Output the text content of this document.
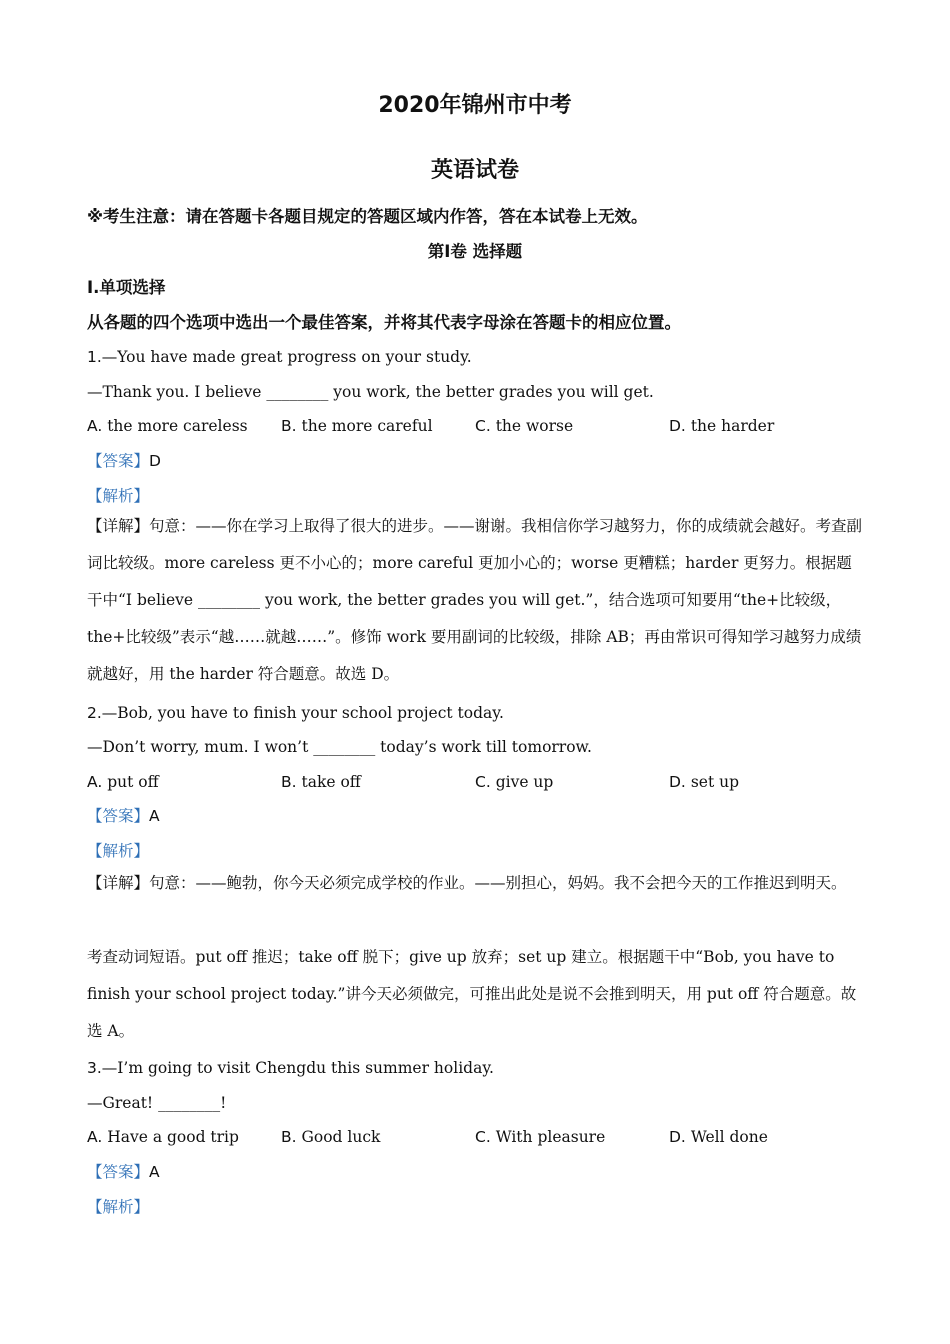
2020年锦州市中考
英语试卷
※考生注意：请在答题卡各题目规定的答题区域内作答，答在本试卷上无效。
第Ⅰ卷 选择题
Ⅰ.单项选择
从各题的四个选项中选出一个最佳答案，并将其代表字母涂在答题卡的相应位置。
1.—You have made great progress on your study.
—Thank you. I believe ________ you work, the better grades you will get.
A. the more careless B. the more careful	C. the worse	D. the harder
【答案】D
【解析】
【详解】句意：——你在学习上取得了很大的进步。——谢谢。我相信你学习越努力，你的成绩就会越好。考查副词比较级。more careless 更不小心的；more careful 更加小心的；worse 更糟糕；harder 更努力。根据题干中“I believe ________ you work, the better grades you will get.”，结合选项可知要用“the+比较级，the+比较级”表示“越……就越……”。修饰 work 要用副词的比较级，排除 AB；再由常识可得知学习越努力成绩就越好，用 the harder 符合题意。故选 D。
2.—Bob, you have to finish your school project today.
—Don’t worry, mum. I won’t ________ today’s work till tomorrow.
A. put off	B. take off	C. give up	D. set up
【答案】A
【解析】
【详解】句意：——鲍勃，你今天必须完成学校的作业。——别担心，妈妈。我不会把今天的工作推迟到明天。
考查动词短语。put off 推迟；take off 脱下；give up 放弃；set up 建立。根据题干中“Bob, you have to finish your school project today.”讲今天必须做完，可推出此处是说不会推到明天，用 put off 符合题意。故选 A。
3.—I’m going to visit Chengdu this summer holiday.
—Great! ________!
A. Have a good trip	B. Good luck	C. With pleasure	D. Well done
【答案】A
【解析】
